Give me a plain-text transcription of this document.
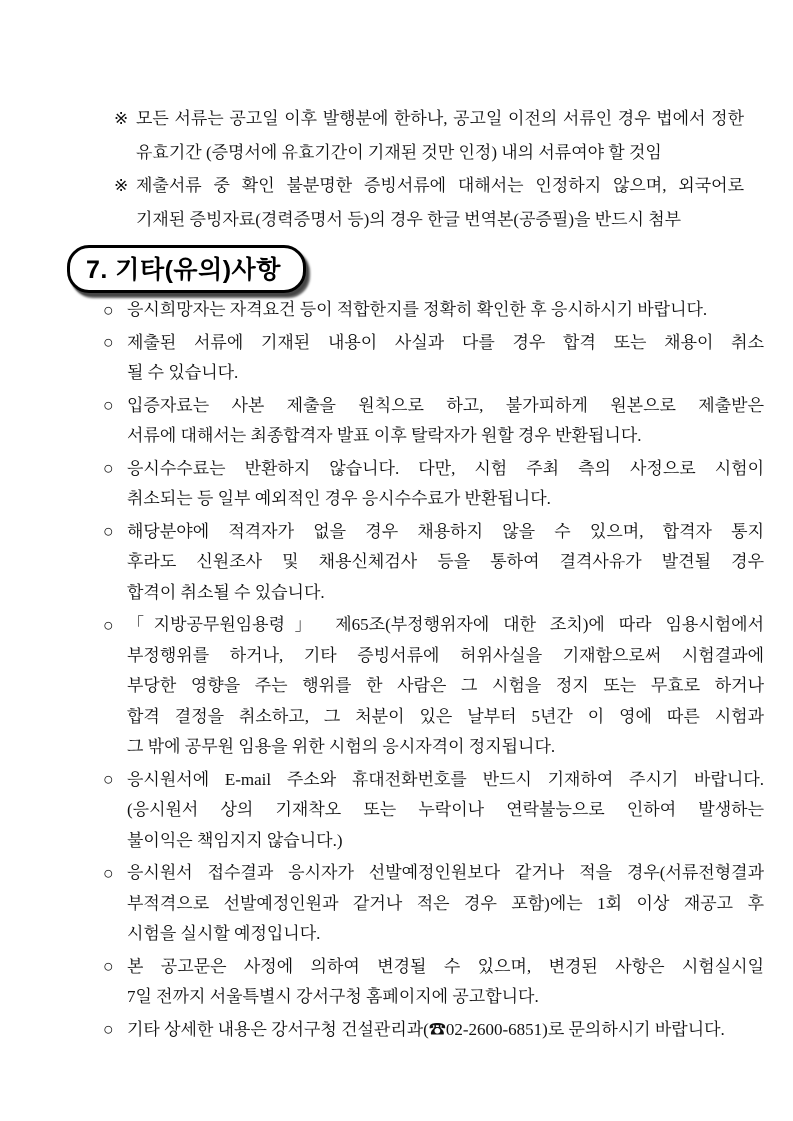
※ 모든 서류는 공고일 이후 발행분에 한하나, 공고일 이전의 서류인 경우 법에서 정한
유효기간 (증명서에 유효기간이 기재된 것만 인정) 내의 서류여야 할 것임
※ 제출서류 중 확인 불분명한 증빙서류에 대해서는 인정하지 않으며, 외국어로
기재된 증빙자료(경력증명서 등)의 경우 한글 번역본(공증필)을 반드시 첨부
7. 기타(유의)사항
○ 응시희망자는 자격요건 등이 적합한지를 정확히 확인한 후 응시하시기 바랍니다.
○ 제출된 서류에 기재된 내용이 사실과 다를 경우 합격 또는 채용이 취소
될 수 있습니다.
○ 입증자료는 사본 제출을 원칙으로 하고, 불가피하게 원본으로 제출받은
서류에 대해서는 최종합격자 발표 이후 탈락자가 원할 경우 반환됩니다.
○ 응시수수료는 반환하지 않습니다. 다만, 시험 주최 측의 사정으로 시험이
취소되는 등 일부 예외적인 경우 응시수수료가 반환됩니다.
○ 해당분야에 적격자가 없을 경우 채용하지 않을 수 있으며, 합격자 통지
후라도 신원조사 및 채용신체검사 등을 통하여 결격사유가 발견될 경우
합격이 취소될 수 있습니다.
○ 「지방공무원임용령」 제65조(부정행위자에 대한 조치)에 따라 임용시험에서
부정행위를 하거나, 기타 증빙서류에 허위사실을 기재함으로써 시험결과에
부당한 영향을 주는 행위를 한 사람은 그 시험을 정지 또는 무효로 하거나
합격 결정을 취소하고, 그 처분이 있은 날부터 5년간 이 영에 따른 시험과
그 밖에 공무원 임용을 위한 시험의 응시자격이 정지됩니다.
○ 응시원서에 E-mail 주소와 휴대전화번호를 반드시 기재하여 주시기 바랍니다.
(응시원서 상의 기재착오 또는 누락이나 연락불능으로 인하여 발생하는
불이익은 책임지지 않습니다.)
○ 응시원서 접수결과 응시자가 선발예정인원보다 같거나 적을 경우(서류전형결과
부적격으로 선발예정인원과 같거나 적은 경우 포함)에는 1회 이상 재공고 후
시험을 실시할 예정입니다.
○ 본 공고문은 사정에 의하여 변경될 수 있으며, 변경된 사항은 시험실시일
7일 전까지 서울특별시 강서구청 홈페이지에 공고합니다.
○ 기타 상세한 내용은 강서구청 건설관리과(☎02-2600-6851)로 문의하시기 바랍니다.
